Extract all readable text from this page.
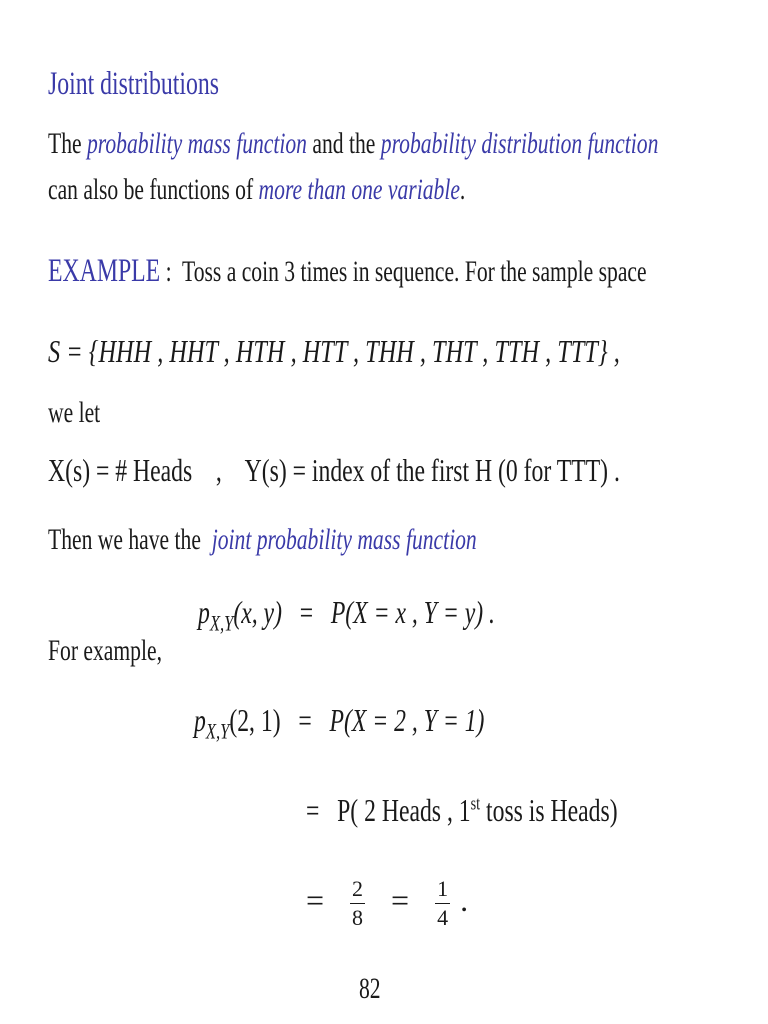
Joint distributions
The probability mass function and the probability distribution function
can also be functions of more than one variable.
EXAMPLE : Toss a coin 3 times in sequence. For the sample space
S = {HHH , HHT , HTH , HTT , THH , THT , TTH , TTT} ,
we let
X(s) = # Heads , Y(s) = index of the first H (0 for TTT) .
Then we have the joint probability mass function
$p_{X,Y}(x$, y) = P(X = x , Y = y) .
For example,
$p_{X,Y}(2$, 1) = P(X = 2 , Y = 1)
= P( 2 Heads , 1st toss is Heads)
= $\frac{2}{8} = \frac{1}{4}$ .
82
